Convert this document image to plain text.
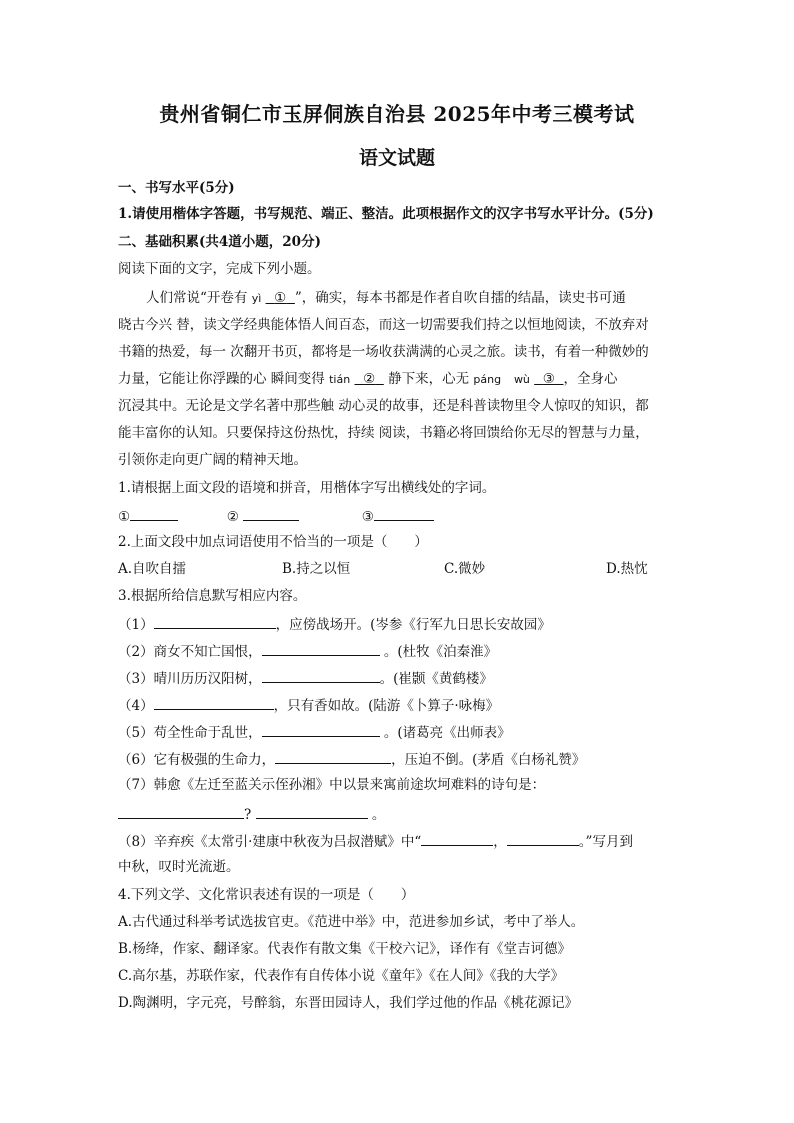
贵州省铜仁市玉屏侗族自治县 2025年中考三模考试
语文试题
一、书写水平(5分)
1.请使用楷体字答题，书写规范、端正、整洁。此项根据作文的汉字书写水平计分。(5分)
二、基础积累(共4道小题，20分)
阅读下面的文字，完成下列小题。
人们常说“开卷有 yì ① ”，确实，每本书都是作者自吹自擂的结晶，读史书可通
晓古今兴 替，读文学经典能体悟人间百态，而这一切需要我们持之以恒地阅读，不放弃对
书籍的热爱，每一 次翻开书页，都将是一场收获满满的心灵之旅。读书，有着一种微妙的
力量，它能让你浮躁的心 瞬间变得 tián ②   静下来，心无 páng wù ③ ，全身心
沉浸其中。无论是文学名著中那些触 动心灵的故事，还是科普读物里令人惊叹的知识，都
能丰富你的认知。只要保持这份热忱，持续 阅读，书籍必将回馈给你无尽的智慧与力量，
引领你走向更广阔的精神天地。
1.请根据上面文段的语境和拼音，用楷体字写出横线处的字词。
①	②	③
2.上面文段中加点词语使用不恰当的一项是（　　）
A.自吹自擂	B.持之以恒	C.微妙	D.热忱
3.根据所给信息默写相应内容。
（1）	，应傍战场开。(岑参《行军九日思长安故园》
（2）商女不知亡国恨，	。(杜牧《泊秦淮》
（3）晴川历历汉阳树，	。(崔颢《黄鹤楼》
（4）	，只有香如故。(陆游《卜算子·咏梅》
（5）苟全性命于乱世，	。(诸葛亮《出师表》
（6）它有极强的生命力，	，压迫不倒。(茅盾《白杨礼赞》
（7）韩愈《左迁至蓝关示侄孙湘》中以景来寓前途坎坷难料的诗句是：
?	。
（8）辛弃疾《太常引·建康中秋夜为吕叔潜赋》中“	，	。”写月到
中秋，叹时光流逝。
4.下列文学、文化常识表述有误的一项是（　　）
A.古代通过科举考试选拔官吏。《范进中举》中，范进参加乡试，考中了举人。
B.杨绛，作家、翻译家。代表作有散文集《干校六记》，译作有《堂吉诃德》
C.高尔基，苏联作家，代表作有自传体小说《童年》《在人间》《我的大学》
D.陶渊明，字元亮，号醉翁，东晋田园诗人，我们学过他的作品《桃花源记》
